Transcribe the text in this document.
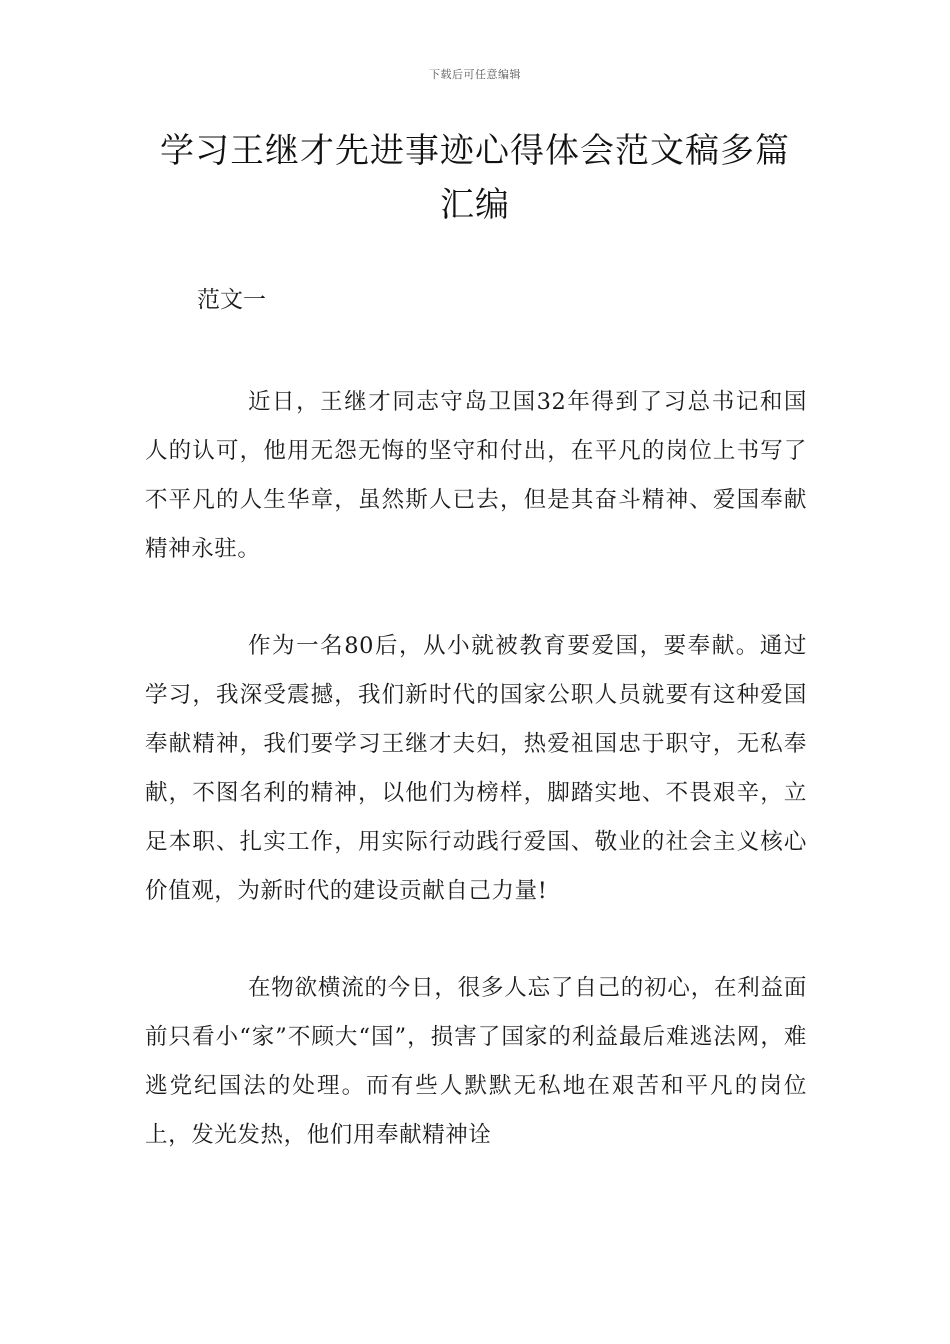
下载后可任意编辑
学习王继才先进事迹心得体会范文稿多篇汇编

范文一

近日，王继才同志守岛卫国32年得到了习总书记和国人的认可，他用无怨无悔的坚守和付出，在平凡的岗位上书写了不平凡的人生华章，虽然斯人已去，但是其奋斗精神、爱国奉献精神永驻。

作为一名80后，从小就被教育要爱国，要奉献。通过学习，我深受震撼，我们新时代的国家公职人员就要有这种爱国奉献精神，我们要学习王继才夫妇，热爱祖国忠于职守，无私奉献，不图名利的精神，以他们为榜样，脚踏实地、不畏艰辛，立足本职、扎实工作，用实际行动践行爱国、敬业的社会主义核心价值观，为新时代的建设贡献自己力量!

在物欲横流的今日，很多人忘了自己的初心，在利益面前只看小“家”不顾大“国”，损害了国家的利益最后难逃法网，难逃党纪国法的处理。而有些人默默无私地在艰苦和平凡的岗位上，发光发热，他们用奉献精神诠
